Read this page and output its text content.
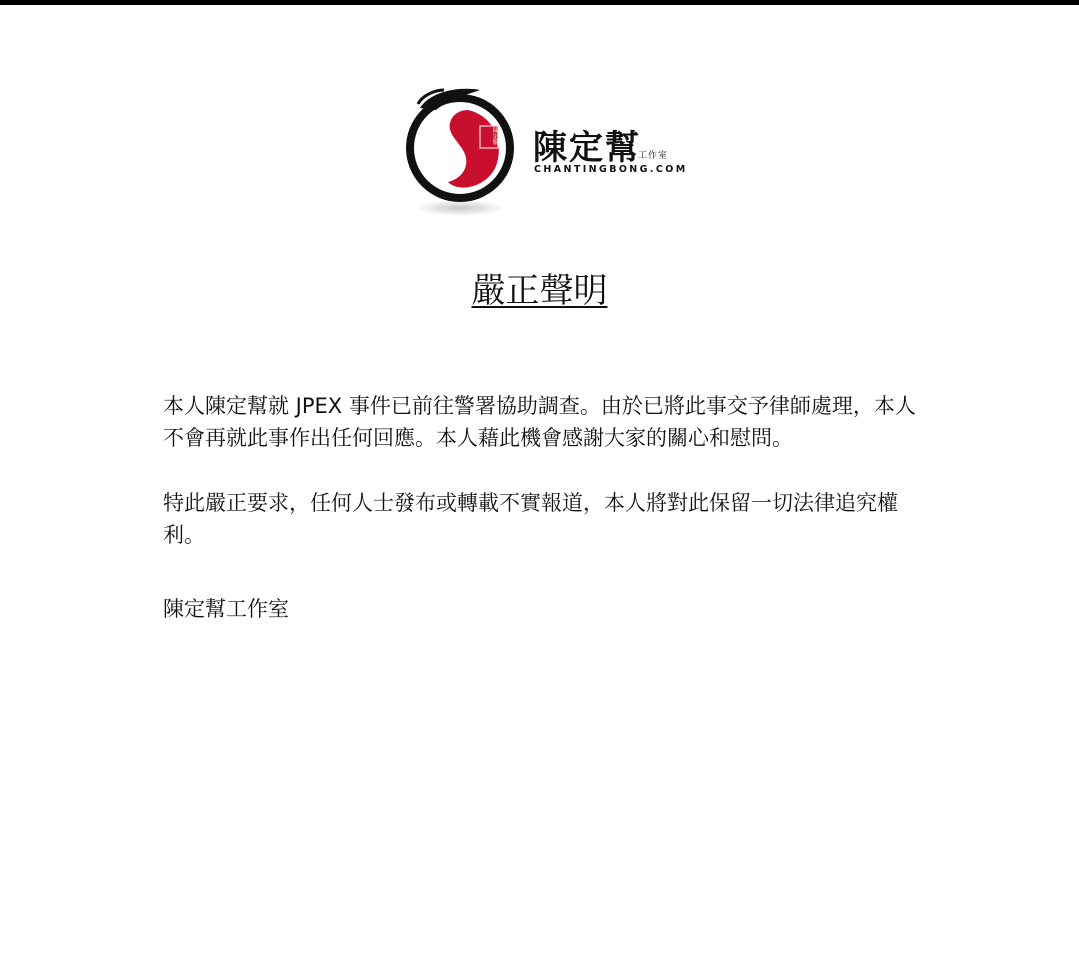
陳定幫 陳定幫
工作室
CHANTINGBONG.COM
嚴正聲明

本人陳定幫就 JPEX 事件已前往警署協助調查。由於已將此事交予律師處理，本人不會再就此事作出任何回應。本人藉此機會感謝大家的關心和慰問。

特此嚴正要求，任何人士發布或轉載不實報道，本人將對此保留一切法律追究權利。

陳定幫工作室
